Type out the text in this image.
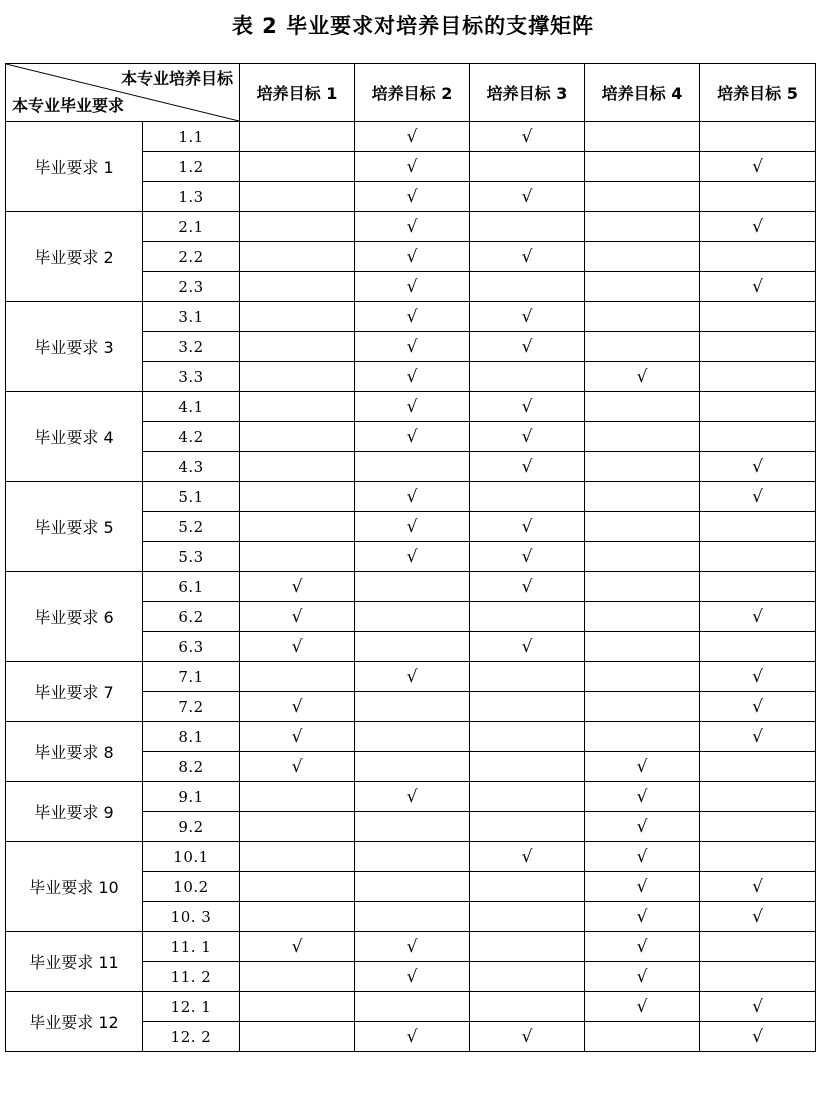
表 2 毕业要求对培养目标的支撑矩阵
本专业培养目标
本专业毕业要求		培养目标 1	培养目标 2	培养目标 3	培养目标 4	培养目标 5
毕业要求 1	1.1		√	√		
	1.2		√			√
	1.3		√	√		
毕业要求 2	2.1		√			√
	2.2		√	√		
	2.3		√			√
毕业要求 3	3.1		√	√		
	3.2		√	√		
	3.3		√		√	
毕业要求 4	4.1		√	√		
	4.2		√	√		
	4.3			√		√
毕业要求 5	5.1		√			√
	5.2		√	√		
	5.3		√	√		
毕业要求 6	6.1	√		√		
	6.2	√				√
	6.3	√		√		
毕业要求 7	7.1		√			√
	7.2	√				√
毕业要求 8	8.1	√				√
	8.2	√			√	
毕业要求 9	9.1		√		√	
	9.2				√	
毕业要求 10	10.1			√	√	
	10.2				√	√
	10. 3				√	√
毕业要求 11	11. 1	√	√		√	
	11. 2		√		√	
毕业要求 12	12. 1				√	√
	12. 2		√	√		√
